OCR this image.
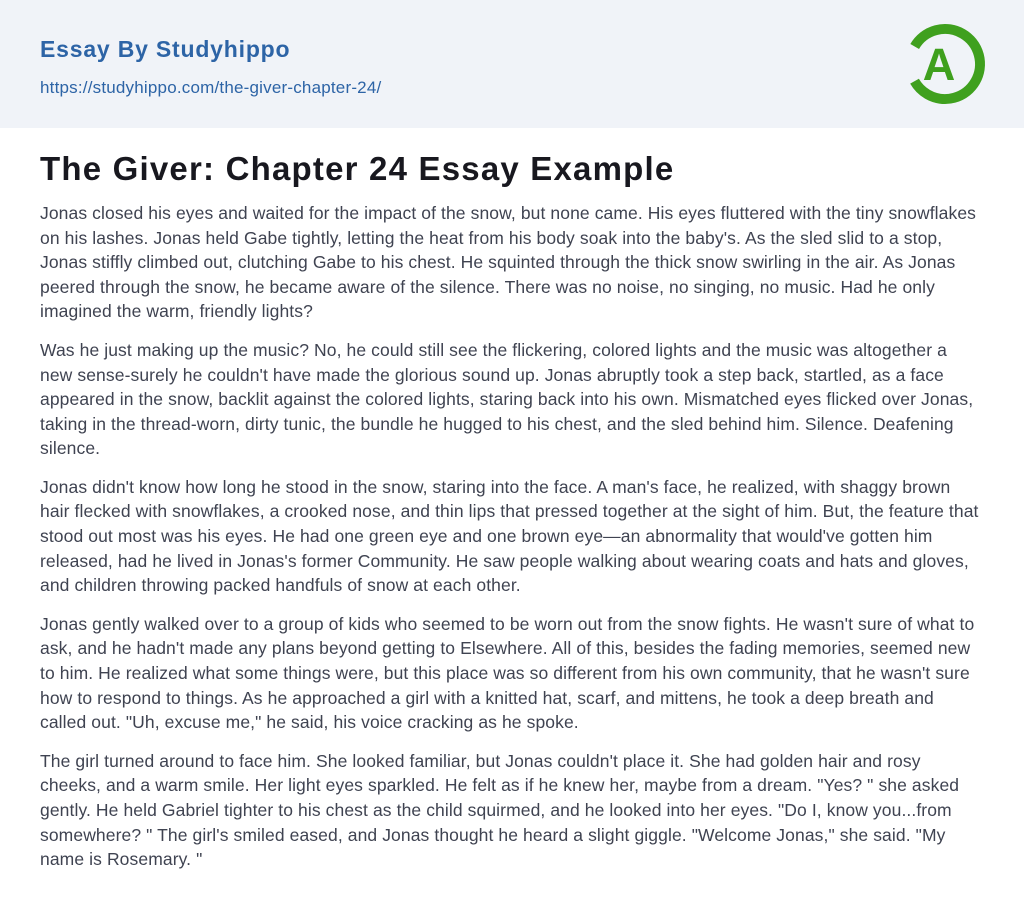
Essay By Studyhippo
https://studyhippo.com/the-giver-chapter-24/	A
The Giver: Chapter 24 Essay Example

Jonas closed his eyes and waited for the impact of the snow, but none came. His eyes fluttered with the tiny snowflakes on his lashes. Jonas held Gabe tightly, letting the heat from his body soak into the baby's. As the sled slid to a stop, Jonas stiffly climbed out, clutching Gabe to his chest. He squinted through the thick snow swirling in the air. As Jonas peered through the snow, he became aware of the silence. There was no noise, no singing, no music. Had he only imagined the warm, friendly lights?

Was he just making up the music? No, he could still see the flickering, colored lights and the music was altogether a new sense-surely he couldn't have made the glorious sound up. Jonas abruptly took a step back, startled, as a face appeared in the snow, backlit against the colored lights, staring back into his own. Mismatched eyes flicked over Jonas, taking in the thread-worn, dirty tunic, the bundle he hugged to his chest, and the sled behind him. Silence. Deafening silence.

Jonas didn't know how long he stood in the snow, staring into the face. A man's face, he realized, with shaggy brown hair flecked with snowflakes, a crooked nose, and thin lips that pressed together at the sight of him. But, the feature that stood out most was his eyes. He had one green eye and one brown eye—an abnormality that would've gotten him released, had he lived in Jonas's former Community. He saw people walking about wearing coats and hats and gloves, and children throwing packed handfuls of snow at each other.

Jonas gently walked over to a group of kids who seemed to be worn out from the snow fights. He wasn't sure of what to ask, and he hadn't made any plans beyond getting to Elsewhere. All of this, besides the fading memories, seemed new to him. He realized what some things were, but this place was so different from his own community, that he wasn't sure how to respond to things. As he approached a girl with a knitted hat, scarf, and mittens, he took a deep breath and called out. "Uh, excuse me," he said, his voice cracking as he spoke.

The girl turned around to face him. She looked familiar, but Jonas couldn't place it. She had golden hair and rosy cheeks, and a warm smile. Her light eyes sparkled. He felt as if he knew her, maybe from a dream. "Yes? " she asked gently. He held Gabriel tighter to his chest as the child squirmed, and he looked into her eyes. "Do I, know you...from somewhere? " The girl's smiled eased, and Jonas thought he heard a slight giggle. "Welcome Jonas," she said. "My name is Rosemary. "
